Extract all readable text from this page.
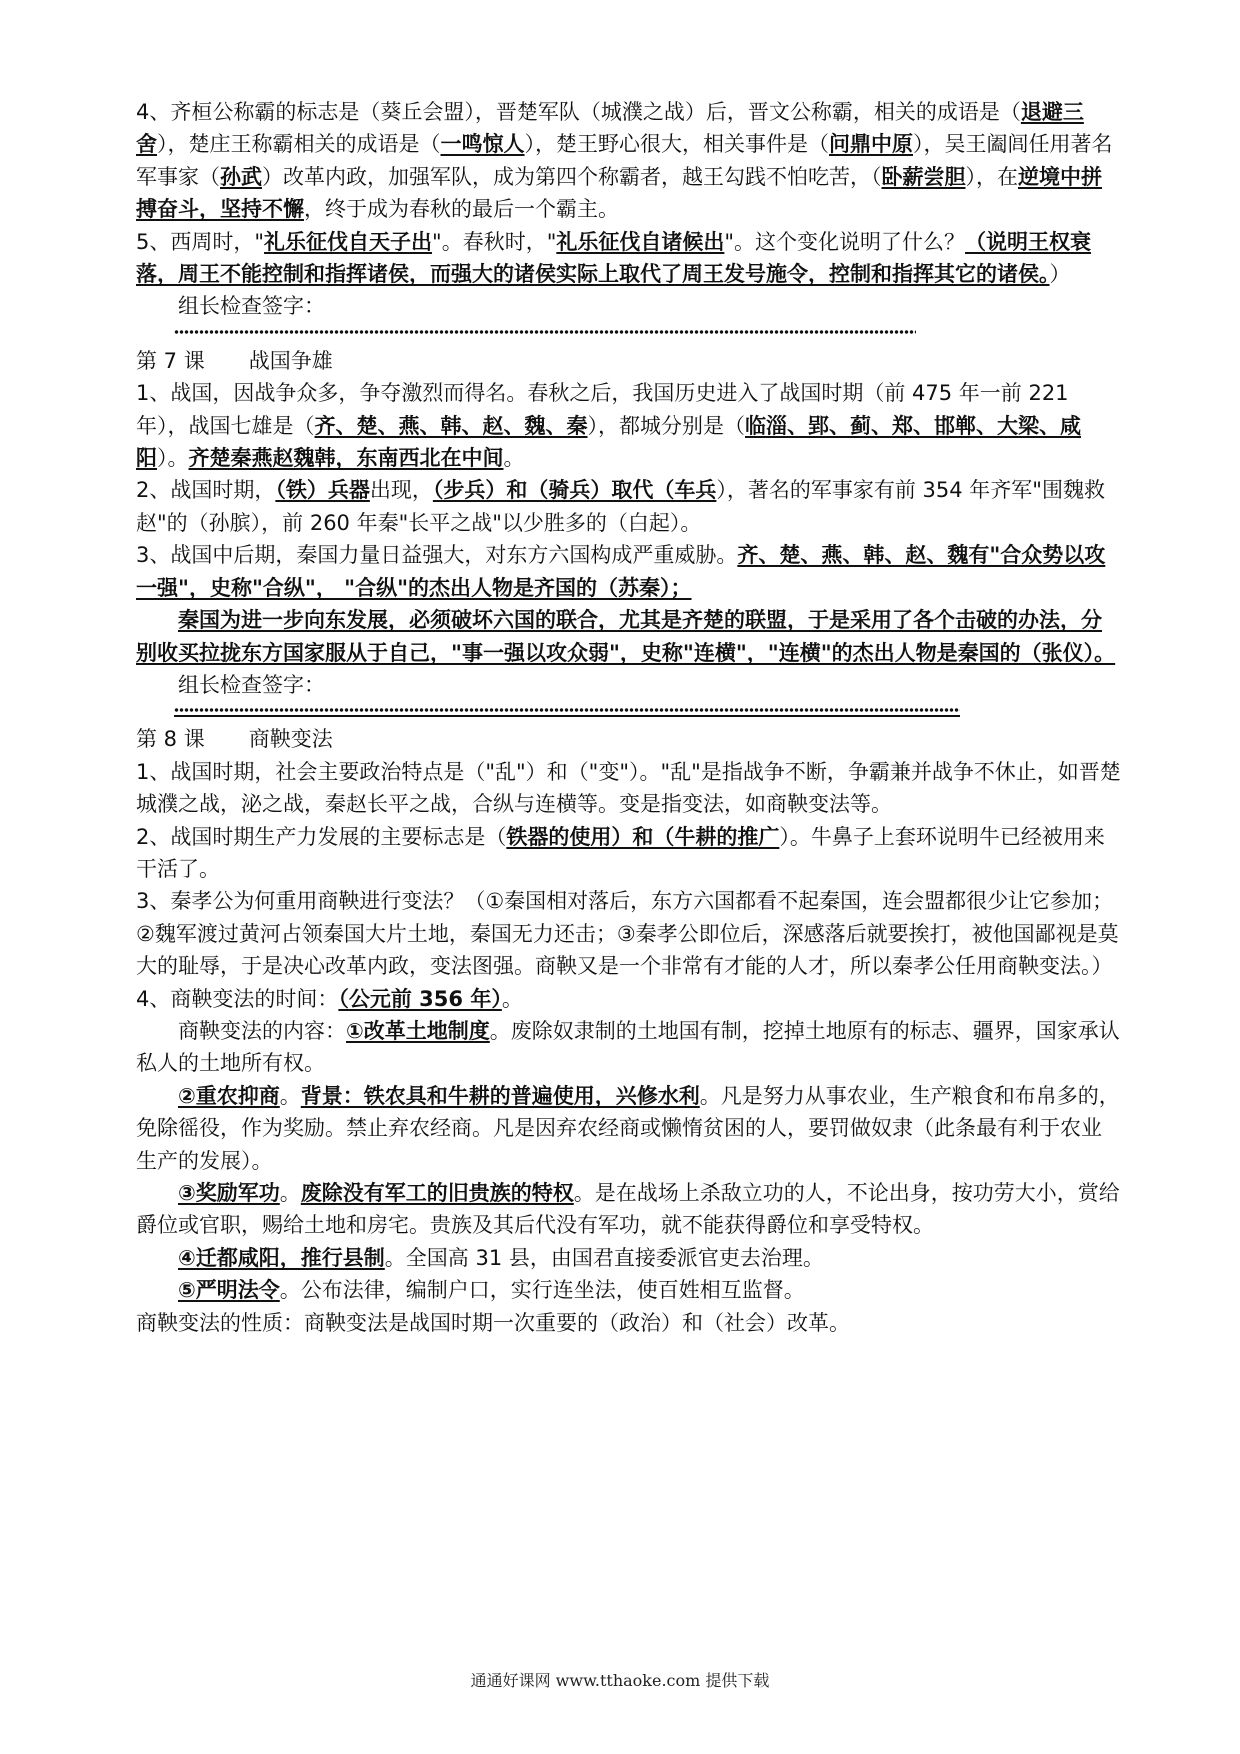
4、齐桓公称霸的标志是（葵丘会盟），晋楚军队（城濮之战）后，晋文公称霸，相关的成语是（退避三舍），楚庄王称霸相关的成语是（一鸣惊人），楚王野心很大，相关事件是（问鼎中原），吴王阖闾任用著名军事家（孙武）改革内政，加强军队，成为第四个称霸者，越王勾践不怕吃苦，（卧薪尝胆），在逆境中拼搏奋斗，坚持不懈，终于成为春秋的最后一个霸主。

5、西周时，"礼乐征伐自天子出"。春秋时，"礼乐征伐自诸候出"。这个变化说明了什么？（说明王权衰落，周王不能控制和指挥诸侯，而强大的诸侯实际上取代了周王发号施令，控制和指挥其它的诸侯。）

组长检查签字：

第 7 课 战国争雄

1、战国，因战争众多，争夺激烈而得名。春秋之后，我国历史进入了战国时期（前 475 年一前 221 年），战国七雄是（齐、楚、燕、韩、赵、魏、秦），都城分别是（临淄、郢、蓟、郑、邯郸、大梁、咸阳）。齐楚秦燕赵魏韩，东南西北在中间。

2、战国时期，（铁）兵器出现，（步兵）和（骑兵）取代（车兵），著名的军事家有前 354 年齐军"围魏救赵"的（孙膑），前 260 年秦"长平之战"以少胜多的（白起）。

3、战国中后期，秦国力量日益强大，对东方六国构成严重威胁。齐、楚、燕、韩、赵、魏有"合众势以攻一强"，史称"合纵"， "合纵"的杰出人物是齐国的（苏秦）；

秦国为进一步向东发展，必须破坏六国的联合，尤其是齐楚的联盟，于是采用了各个击破的办法，分别收买拉拢东方国家服从于自己，"事一强以攻众弱"，史称"连横"，"连横"的杰出人物是秦国的（张仪）。

组长检查签字：

第 8 课 商鞅变法

1、战国时期，社会主要政治特点是（"乱"）和（"变"）。"乱"是指战争不断，争霸兼并战争不休止，如晋楚城濮之战，泌之战，秦赵长平之战，合纵与连横等。变是指变法，如商鞅变法等。

2、战国时期生产力发展的主要标志是（铁器的使用）和（牛耕的推广）。牛鼻子上套环说明牛已经被用来干活了。

3、秦孝公为何重用商鞅进行变法？（①秦国相对落后，东方六国都看不起秦国，连会盟都很少让它参加；②魏军渡过黄河占领秦国大片土地，秦国无力还击；③秦孝公即位后，深感落后就要挨打，被他国鄙视是莫大的耻辱，于是决心改革内政，变法图强。商鞅又是一个非常有才能的人才，所以秦孝公任用商鞅变法。）

4、商鞅变法的时间：（公元前 356 年）。

商鞅变法的内容：①改革土地制度。废除奴隶制的土地国有制，挖掉土地原有的标志、疆界，国家承认私人的土地所有权。

②重农抑商。背景：铁农具和牛耕的普遍使用，兴修水利。凡是努力从事农业，生产粮食和布帛多的，免除徭役，作为奖励。禁止弃农经商。凡是因弃农经商或懒惰贫困的人，要罚做奴隶（此条最有利于农业生产的发展）。

③奖励军功。废除没有军工的旧贵族的特权。是在战场上杀敌立功的人，不论出身，按功劳大小，赏给爵位或官职，赐给土地和房宅。贵族及其后代没有军功，就不能获得爵位和享受特权。

④迁都咸阳，推行县制。全国高 31 县，由国君直接委派官吏去治理。

⑤严明法令。公布法律，编制户口，实行连坐法，使百姓相互监督。

商鞅变法的性质：商鞅变法是战国时期一次重要的（政治）和（社会）改革。

通通好课网 www.tthaoke.com 提供下载
